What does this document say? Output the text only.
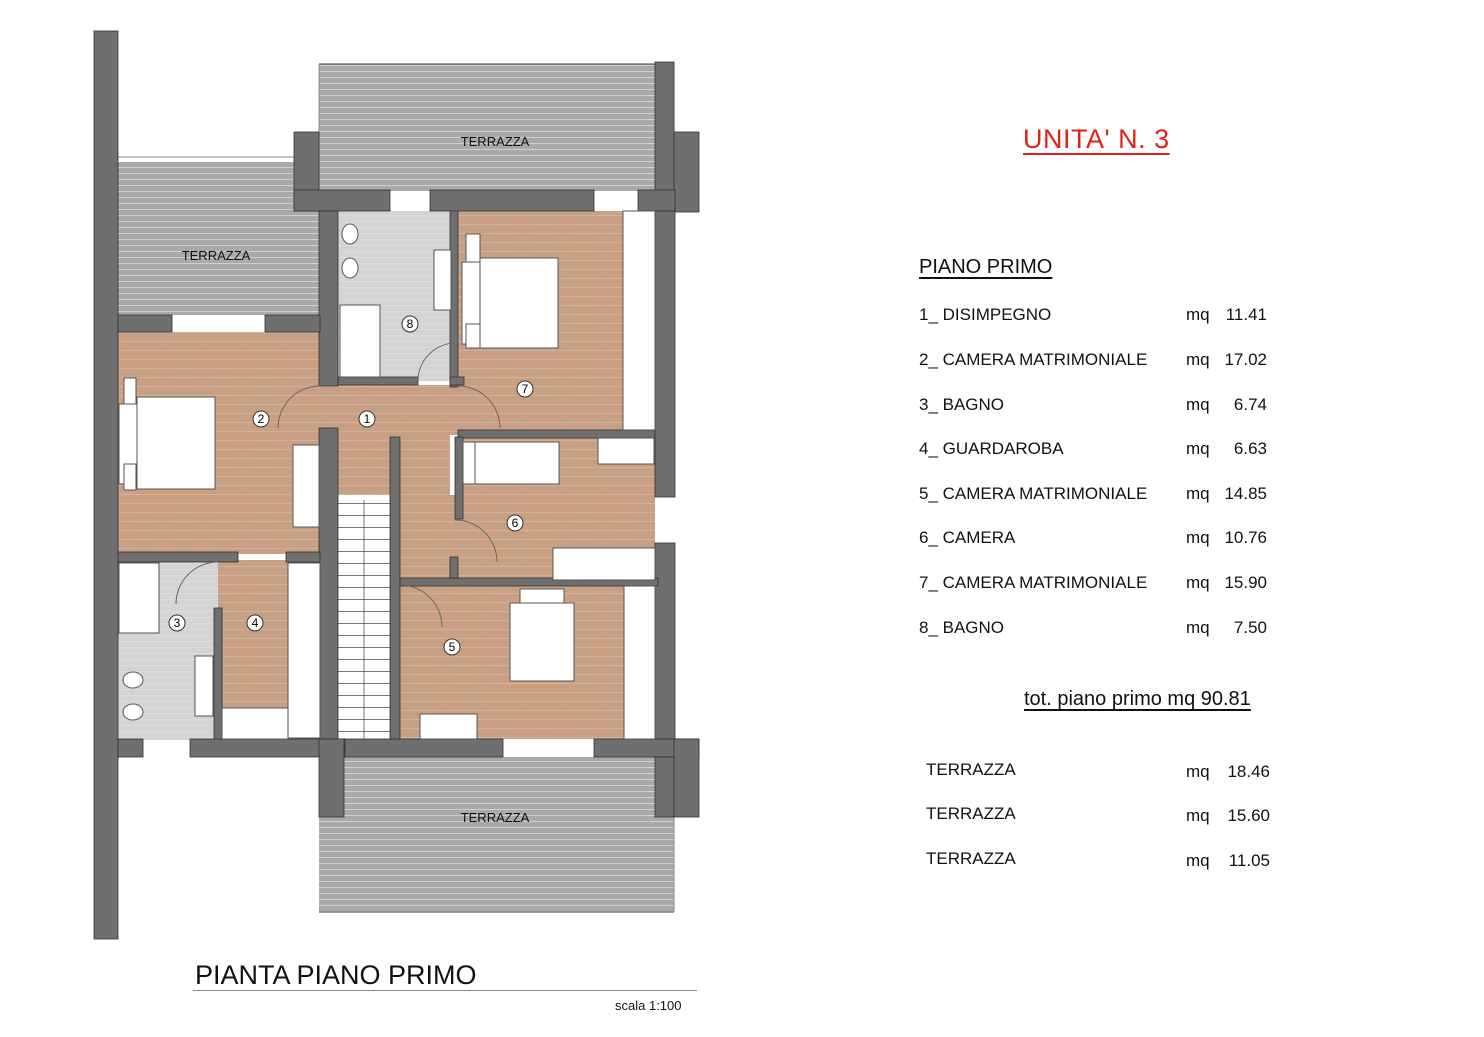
TERRAZZA
TERRAZZA
TERRAZZA
1
2
3	4
5
6
7
8
PIANTA PIANO PRIMO
scala 1:100
UNITA' N. 3
PIANO PRIMO
1_ DISIMPEGNO	mq 11.41
2_ CAMERA MATRIMONIALE mq 17.02
3_ BAGNO	mq 6.74
4_ GUARDAROBA	mq 6.63
5_ CAMERA MATRIMONIALE mq 14.85
6_ CAMERA	mq 10.76
7_ CAMERA MATRIMONIALE mq 15.90
8_ BAGNO	mq 7.50
tot. piano primo mq 90.81
TERRAZZA	mq 18.46
TERRAZZA	mq 15.60
TERRAZZA	mq 11.05
